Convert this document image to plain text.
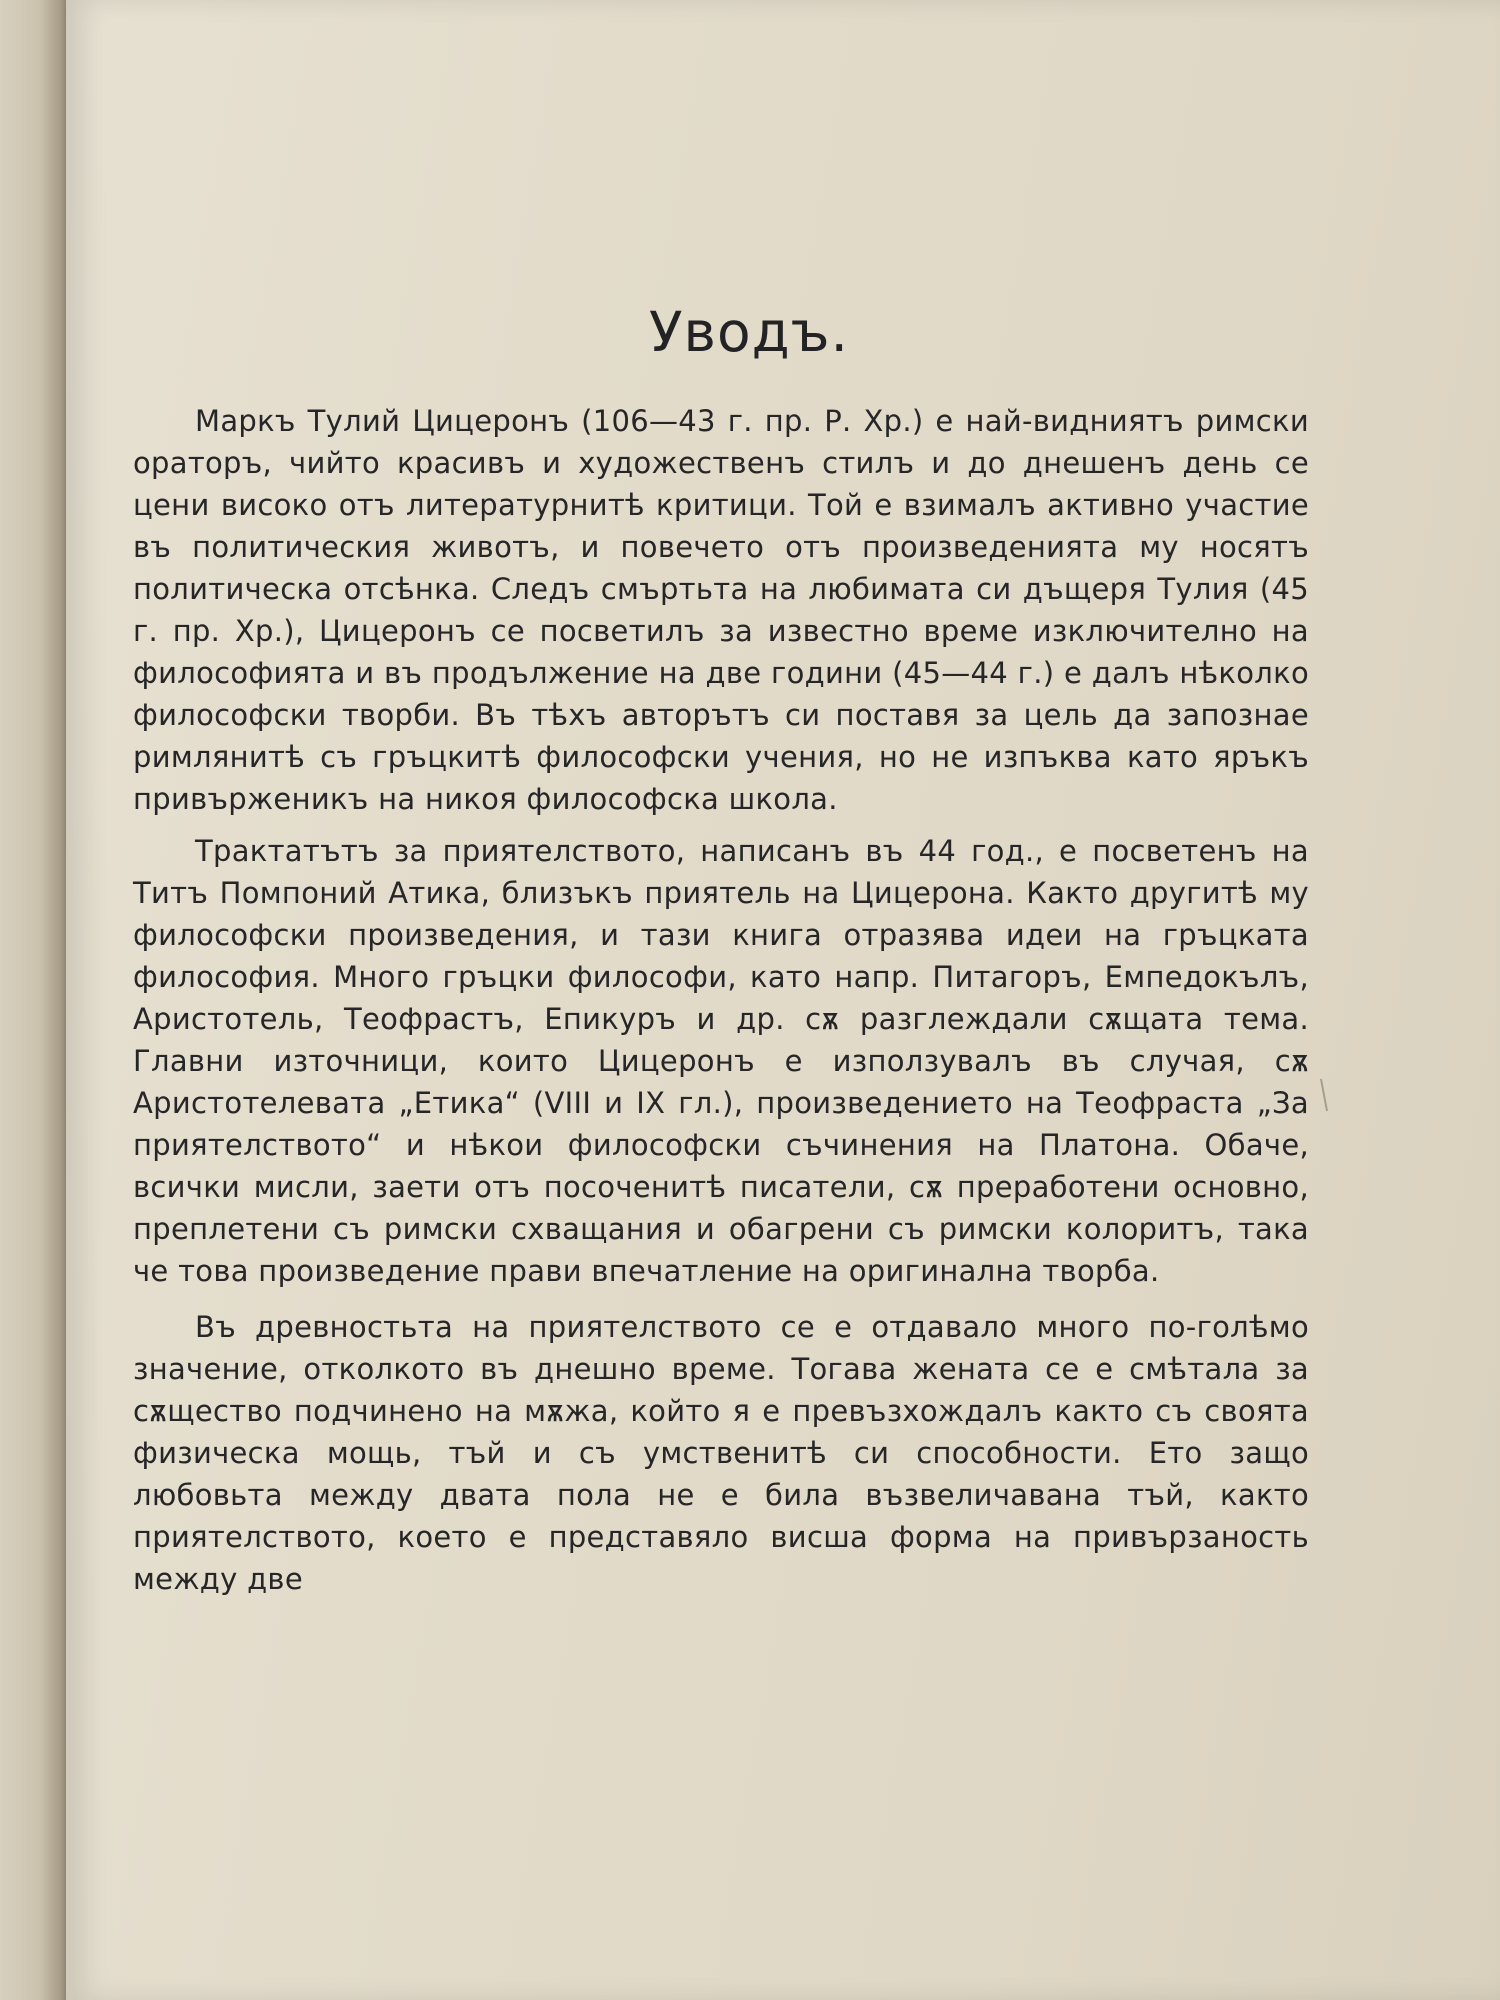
Уводъ.

Маркъ Тулий Цицеронъ (106—43 г. пр. Р. Хр.) е най-видниятъ римски ораторъ, чийто красивъ и художественъ стилъ и до днешенъ день се цени високо отъ литературнитѣ критици. Той е взималъ активно участие въ политическия животъ, и повечето отъ произведенията му носятъ политическа отсѣнка. Следъ смъртьта на любимата си дъщеря Тулия (45 г. пр. Хр.), Цицеронъ се посветилъ за известно време изключително на философията и въ продължение на две години (45—44 г.) е далъ нѣколко философски творби. Въ тѣхъ авторътъ си поставя за цель да запознае римлянитѣ съ гръцкитѣ философски учения, но не изпъква като яръкъ привърженикъ на никоя философска школа.

Трактатътъ за приятелството, написанъ въ 44 год., е посветенъ на Титъ Помпоний Атика, близъкъ приятель на Цицерона. Както другитѣ му философски произведения, и тази книга отразява идеи на гръцката философия. Много гръцки философи, като напр. Питагоръ, Емпедокълъ, Аристотель, Теофрастъ, Епикуръ и др. сѫ разглеждали сѫщата тема. Главни източници, които Цицеронъ е използувалъ въ случая, сѫ Аристотелевата „Етика“ (VIII и IX гл.), произведението на Теофраста „За приятелството“ и нѣкои философски съчинения на Платона. Обаче, всички мисли, заети отъ посоченитѣ писатели, сѫ преработени основно, преплетени съ римски схващания и обагрени съ римски колоритъ, така че това произведение прави впечатление на оригинална творба.

Въ древностьта на приятелството се е отдавало много по-голѣмо значение, отколкото въ днешно време. Тогава жената се е смѣтала за сѫщество подчинено на мѫжа, който я е превъзхождалъ както съ своята физическа мощь, тъй и съ умственитѣ си способности. Ето защо любовьта между двата пола не е била възвеличавана тъй, както приятелството, което е представяло висша форма на привързаность между две
